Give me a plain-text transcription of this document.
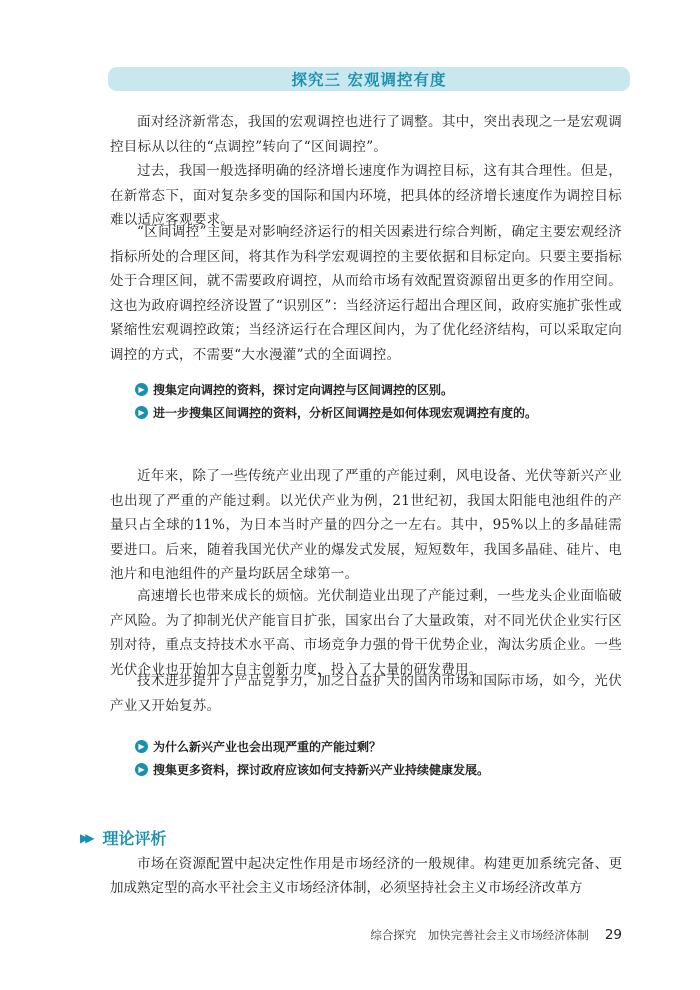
探究三 宏观调控有度

面对经济新常态，我国的宏观调控也进行了调整。其中，突出表现之一是宏观调控目标从以往的“点调控”转向了“区间调控”。

过去，我国一般选择明确的经济增长速度作为调控目标，这有其合理性。但是，在新常态下，面对复杂多变的国际和国内环境，把具体的经济增长速度作为调控目标难以适应客观要求。

“区间调控”主要是对影响经济运行的相关因素进行综合判断，确定主要宏观经济指标所处的合理区间，将其作为科学宏观调控的主要依据和目标定向。只要主要指标处于合理区间，就不需要政府调控，从而给市场有效配置资源留出更多的作用空间。这也为政府调控经济设置了“识别区”：当经济运行超出合理区间，政府实施扩张性或紧缩性宏观调控政策；当经济运行在合理区间内，为了优化经济结构，可以采取定向调控的方式，不需要“大水漫灌”式的全面调控。

▶ 搜集定向调控的资料，探讨定向调控与区间调控的区别。
▶ 进一步搜集区间调控的资料，分析区间调控是如何体现宏观调控有度的。

近年来，除了一些传统产业出现了严重的产能过剩，风电设备、光伏等新兴产业也出现了严重的产能过剩。以光伏产业为例，21世纪初，我国太阳能电池组件的产量只占全球的11%，为日本当时产量的四分之一左右。其中，95%以上的多晶硅需要进口。后来，随着我国光伏产业的爆发式发展，短短数年，我国多晶硅、硅片、电池片和电池组件的产量均跃居全球第一。

高速增长也带来成长的烦恼。光伏制造业出现了产能过剩，一些龙头企业面临破产风险。为了抑制光伏产能盲目扩张，国家出台了大量政策，对不同光伏企业实行区别对待，重点支持技术水平高、市场竞争力强的骨干优势企业，淘汰劣质企业。一些光伏企业也开始加大自主创新力度，投入了大量的研发费用。

技术进步提升了产品竞争力，加之日益扩大的国内市场和国际市场，如今，光伏产业又开始复苏。

▶ 为什么新兴产业也会出现严重的产能过剩？
▶ 搜集更多资料，探讨政府应该如何支持新兴产业持续健康发展。
▶▶ 理论评析

市场在资源配置中起决定性作用是市场经济的一般规律。构建更加系统完备、更加成熟定型的高水平社会主义市场经济体制，必须坚持社会主义市场经济改革方

综合探究　加快完善社会主义市场经济体制 29
